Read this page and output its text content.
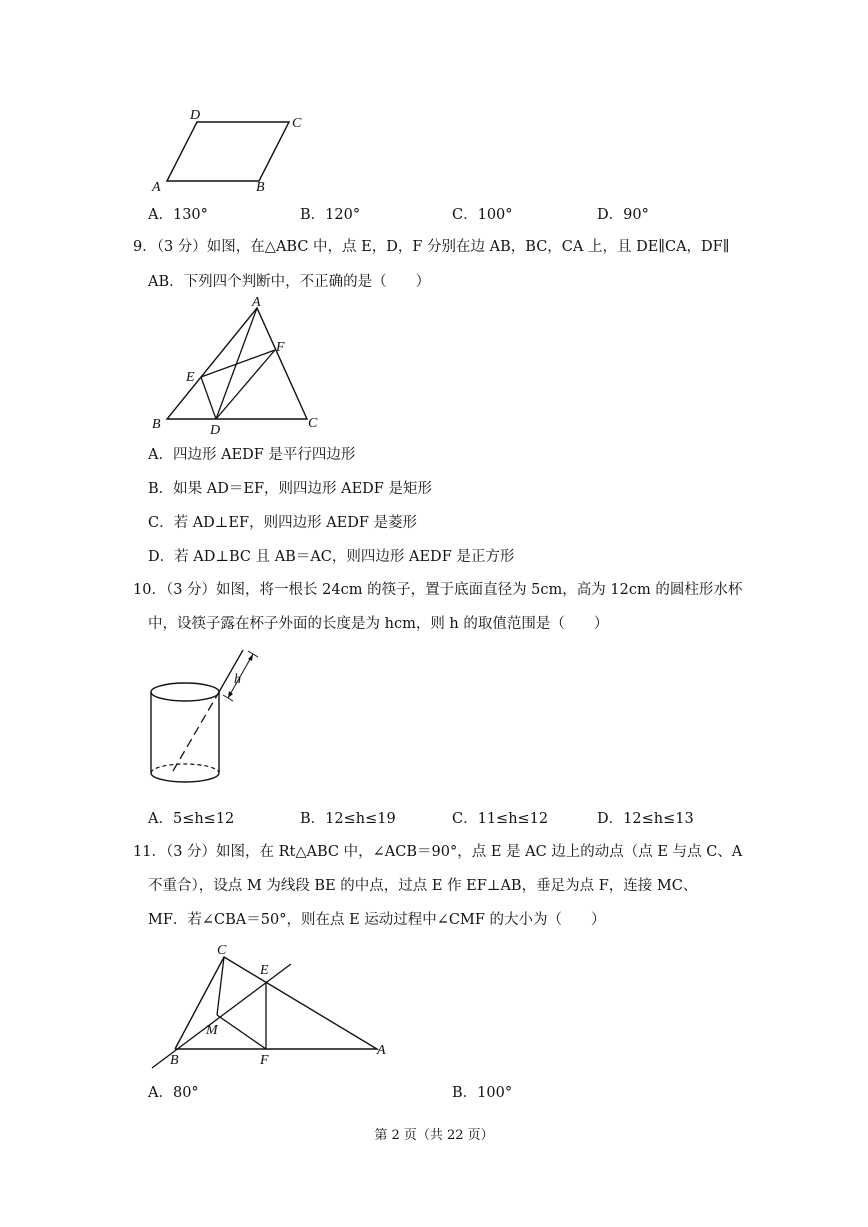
D
C
A	B
A．130°	B．120°	C．100°	D．90°
9．（3 分）如图，在△ABC 中，点 E，D，F 分别在边 AB，BC，CA 上，且 DE∥CA，DF∥
AB．下列四个判断中，不正确的是（　　）
A
F
E
B	D	C
A．四边形 AEDF 是平行四边形
B．如果 AD＝EF，则四边形 AEDF 是矩形
C．若 AD⊥EF，则四边形 AEDF 是菱形
D．若 AD⊥BC 且 AB＝AC，则四边形 AEDF 是正方形
10．（3 分）如图，将一根长 24cm 的筷子，置于底面直径为 5cm，高为 12cm 的圆柱形水杯
中，设筷子露在杯子外面的长度是为 hcm，则 h 的取值范围是（　　）
h
A．5≤h≤12	B．12≤h≤19	C．11≤h≤12	D．12≤h≤13
11．（3 分）如图，在 Rt△ABC 中，∠ACB＝90°，点 E 是 AC 边上的动点（点 E 与点 C、A
不重合），设点 M 为线段 BE 的中点，过点 E 作 EF⊥AB，垂足为点 F，连接 MC、
MF．若∠CBA＝50°，则在点 E 运动过程中∠CMF 的大小为（　　）
C
E
M
B	F
A
A．80°	B．100°
第 2 页（共 22 页）
